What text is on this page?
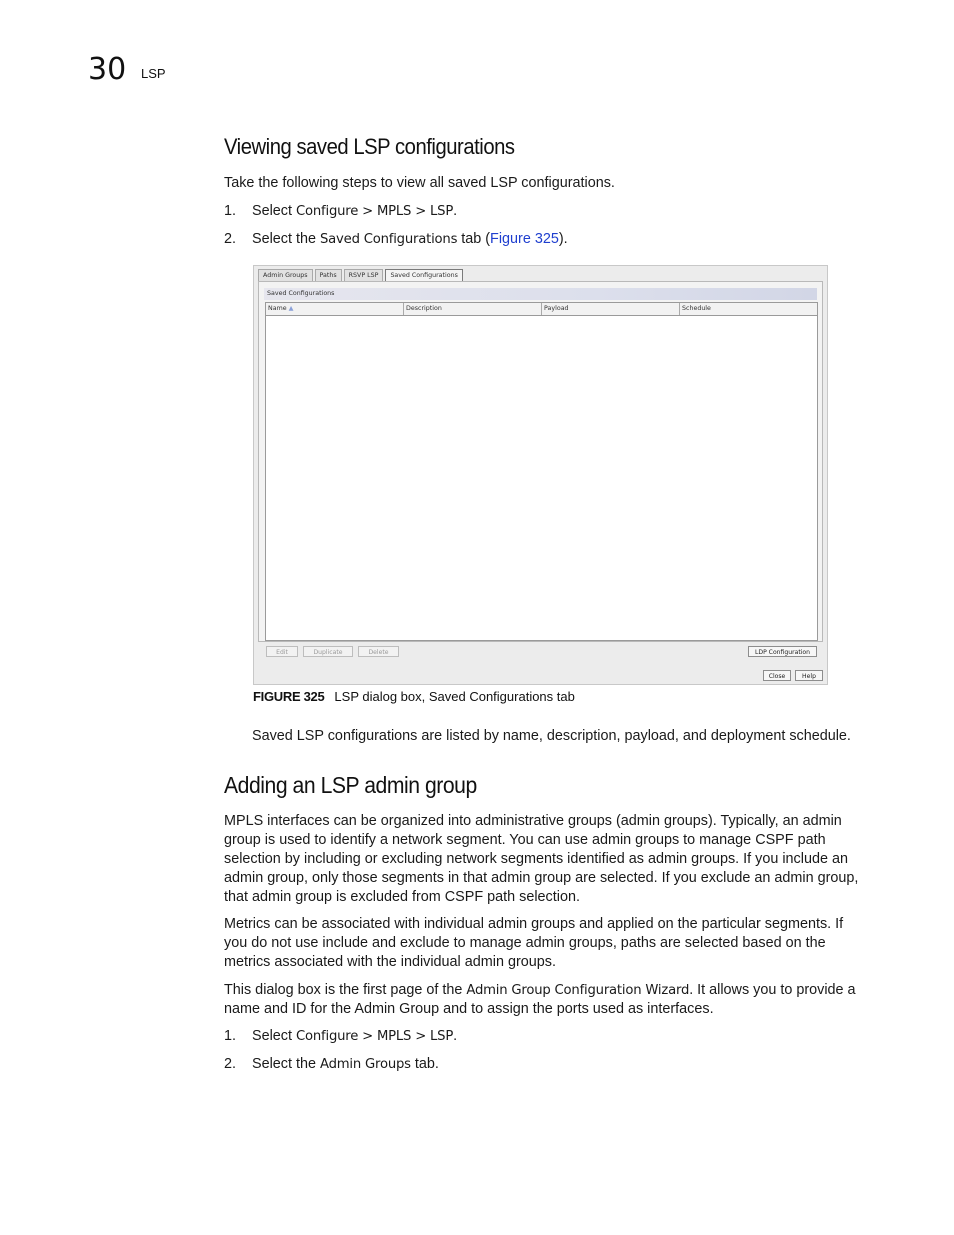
30 LSP
Viewing saved LSP configurations

Take the following steps to view all saved LSP configurations.

1. Select Configure > MPLS > LSP.
2. Select the Saved Configurations tab (Figure 325).
Admin Groups	Paths	RSVP LSP	Saved Configurations
Saved Configurations
Name ▲	Description	Payload	Schedule
Edit	Duplicate	Delete	LDP Configuration
Close	Help
FIGURE 325 LSP dialog box, Saved Configurations tab

Saved LSP configurations are listed by name, description, payload, and deployment schedule.

Adding an LSP admin group

MPLS interfaces can be organized into administrative groups (admin groups). Typically, an admin group is used to identify a network segment. You can use admin groups to manage CSPF path selection by including or excluding network segments identified as admin groups. If you include an admin group, only those segments in that admin group are selected. If you exclude an admin group, that admin group is excluded from CSPF path selection.

Metrics can be associated with individual admin groups and applied on the particular segments. If you do not use include and exclude to manage admin groups, paths are selected based on the metrics associated with the individual admin groups.

This dialog box is the first page of the Admin Group Configuration Wizard. It allows you to provide a name and ID for the Admin Group and to assign the ports used as interfaces.

1. Select Configure > MPLS > LSP.
2. Select the Admin Groups tab.
